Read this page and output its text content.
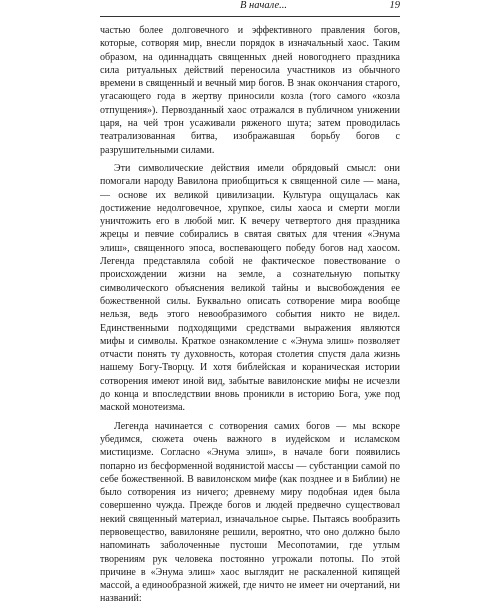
В начале...	19

частью более долговечного и эффективного правления богов, которые, сотворяя мир, внесли порядок в изначальный хаос. Таким образом, на одиннадцать священных дней новогоднего праздника сила ритуальных действий переносила участников из обычного времени в священный и вечный мир богов. В знак окончания старого, угасающего года в жертву приносили козла (того самого «козла отпущения»). Первозданный хаос отражался в публичном унижении царя, на чей трон усаживали ряженого шута; затем проводилась театрализованная битва, изображавшая борьбу богов с разрушительными силами.

Эти символические действия имели обрядовый смысл: они помогали народу Вавилона приобщиться к священной силе — мана, — основе их великой цивилизации. Культура ощущалась как достижение недолговечное, хрупкое, силы хаоса и смерти могли уничтожить его в любой миг. К вечеру четвертого дня праздника жрецы и певчие собирались в святая святых для чтения «Энума элиш», священного эпоса, воспевающего победу богов над хаосом. Легенда представляла собой не фактическое повествование о происхождении жизни на земле, а сознательную попытку символического объяснения великой тайны и высвобождения ее божественной силы. Буквально описать сотворение мира вообще нельзя, ведь этого невообразимого события никто не видел. Единственными подходящими средствами выражения являются мифы и символы. Краткое ознакомление с «Энума элиш» позволяет отчасти понять ту духовность, которая столетия спустя дала жизнь нашему Богу-Творцу. И хотя библейская и кораническая истории сотворения имеют иной вид, забытые вавилонские мифы не исчезли до конца и впоследствии вновь проникли в историю Бога, уже под маской монотеизма.

Легенда начинается с сотворения самих богов — мы вскоре убедимся, сюжета очень важного в иудейском и исламском мистицизме. Согласно «Энума элиш», в начале боги появились попарно из бесформенной водянистой массы — субстанции самой по себе божественной. В вавилонском мифе (как позднее и в Библии) не было сотворения из ничего; древнему миру подобная идея была совершенно чужда. Прежде богов и людей предвечно существовал некий священный материал, изначальное сырье. Пытаясь вообразить первовещество, вавилоняне решили, вероятно, что оно должно было напоминать заболоченные пустоши Месопотамии, где утлым творениям рук человека постоянно угрожали потопы. По этой причине в «Энума элиш» хаос выглядит не раскаленной кипящей массой, а единообразной жижей, где ничто не имеет ни очертаний, ни названий:
